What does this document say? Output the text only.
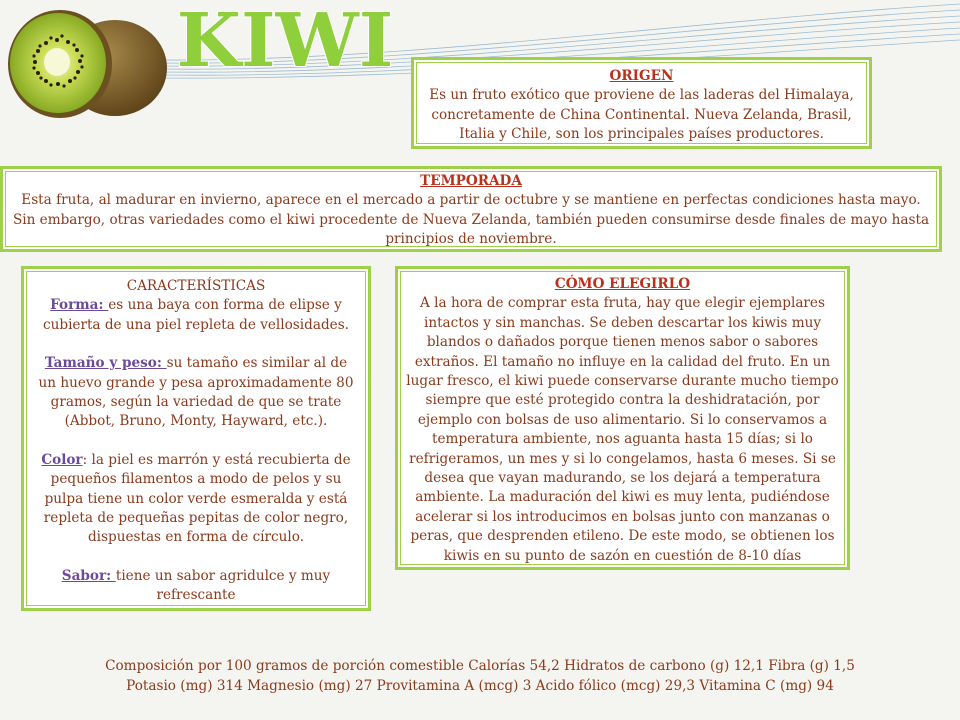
KIWI	ORIGEN
Es un fruto exótico que proviene de las laderas del Himalaya, concretamente de China Continental. Nueva Zelanda, Brasil, Italia y Chile, son los principales países productores.
TEMPORADA
Esta fruta, al madurar en invierno, aparece en el mercado a partir de octubre y se mantiene en perfectas condiciones hasta mayo. Sin embargo, otras variedades como el kiwi procedente de Nueva Zelanda, también pueden consumirse desde finales de mayo hasta principios de noviembre.
CARACTERÍSTICAS
Forma: es una baya con forma de elipse y cubierta de una piel repleta de vellosidades.
Tamaño y peso: su tamaño es similar al de un huevo grande y pesa aproximadamente 80 gramos, según la variedad de que se trate (Abbot, Bruno, Monty, Hayward, etc.).
Color: la piel es marrón y está recubierta de pequeños filamentos a modo de pelos y su pulpa tiene un color verde esmeralda y está repleta de pequeñas pepitas de color negro, dispuestas en forma de círculo.
Sabor: tiene un sabor agridulce y muy refrescante
CÓMO ELEGIRLO
A la hora de comprar esta fruta, hay que elegir ejemplares intactos y sin manchas. Se deben descartar los kiwis muy blandos o dañados porque tienen menos sabor o sabores extraños. El tamaño no influye en la calidad del fruto. En un lugar fresco, el kiwi puede conservarse durante mucho tiempo siempre que esté protegido contra la deshidratación, por ejemplo con bolsas de uso alimentario. Si lo conservamos a temperatura ambiente, nos aguanta hasta 15 días; si lo refrigeramos, un mes y si lo congelamos, hasta 6 meses. Si se desea que vayan madurando, se los dejará a temperatura ambiente. La maduración del kiwi es muy lenta, pudiéndose acelerar si los introducimos en bolsas junto con manzanas o peras, que desprenden etileno. De este modo, se obtienen los kiwis en su punto de sazón en cuestión de 8-10 días
Composición por 100 gramos de porción comestible Calorías 54,2 Hidratos de carbono (g) 12,1 Fibra (g) 1,5
Potasio (mg) 314 Magnesio (mg) 27 Provitamina A (mcg) 3 Acido fólico (mcg) 29,3 Vitamina C (mg) 94
